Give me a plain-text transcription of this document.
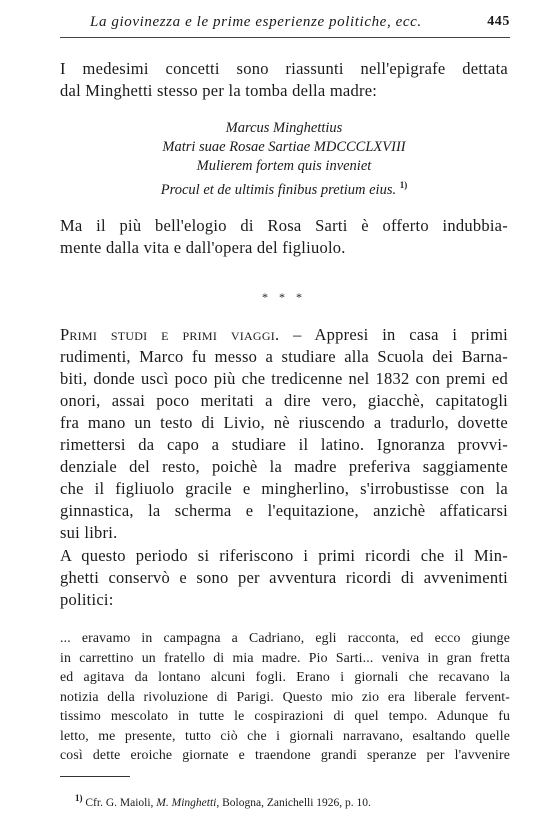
La giovinezza e le prime esperienze politiche, ecc.	445
I medesimi concetti sono riassunti nell'epigrafe dettata
dal Minghetti stesso per la tomba della madre:
Marcus Minghettius
Matri suae Rosae Sartiae MDCCCLXVIII
Mulierem fortem quis inveniet
Procul et de ultimis finibus pretium eius. $^{1)}$
Ma il più bell'elogio di Rosa Sarti è offerto indubbia-
mente dalla vita e dall'opera del figliuolo.
* * *
Primi studi e primi viaggi. – Appresi in casa i primi
rudimenti, Marco fu messo a studiare alla Scuola dei Barna-
biti, donde uscì poco più che tredicenne nel 1832 con premi ed
onori, assai poco meritati a dire vero, giacchè, capitatogli
fra mano un testo di Livio, nè riuscendo a tradurlo, dovette
rimettersi da capo a studiare il latino. Ignoranza provvi-
denziale del resto, poichè la madre preferiva saggiamente
che il figliuolo gracile e mingherlino, s'irrobustisse con la
ginnastica, la scherma e l'equitazione, anzichè affaticarsi
sui libri.
A questo periodo si riferiscono i primi ricordi che il Min-
ghetti conservò e sono per avventura ricordi di avvenimenti
politici:
... eravamo in campagna a Cadriano, egli racconta, ed ecco giunge
in carrettino un fratello di mia madre. Pio Sarti... veniva in gran fretta
ed agitava da lontano alcuni fogli. Erano i giornali che recavano la
notizia della rivoluzione di Parigi. Questo mio zio era liberale fervent-
tissimo mescolato in tutte le cospirazioni di quel tempo. Adunque fu
letto, me presente, tutto ciò che i giornali narravano, esaltando quelle
così dette eroiche giornate e traendone grandi speranze per l'avvenire
$^{1)}$ Cfr. G. Maioli, M. Minghetti, Bologna, Zanichelli 1926, p. 10.
